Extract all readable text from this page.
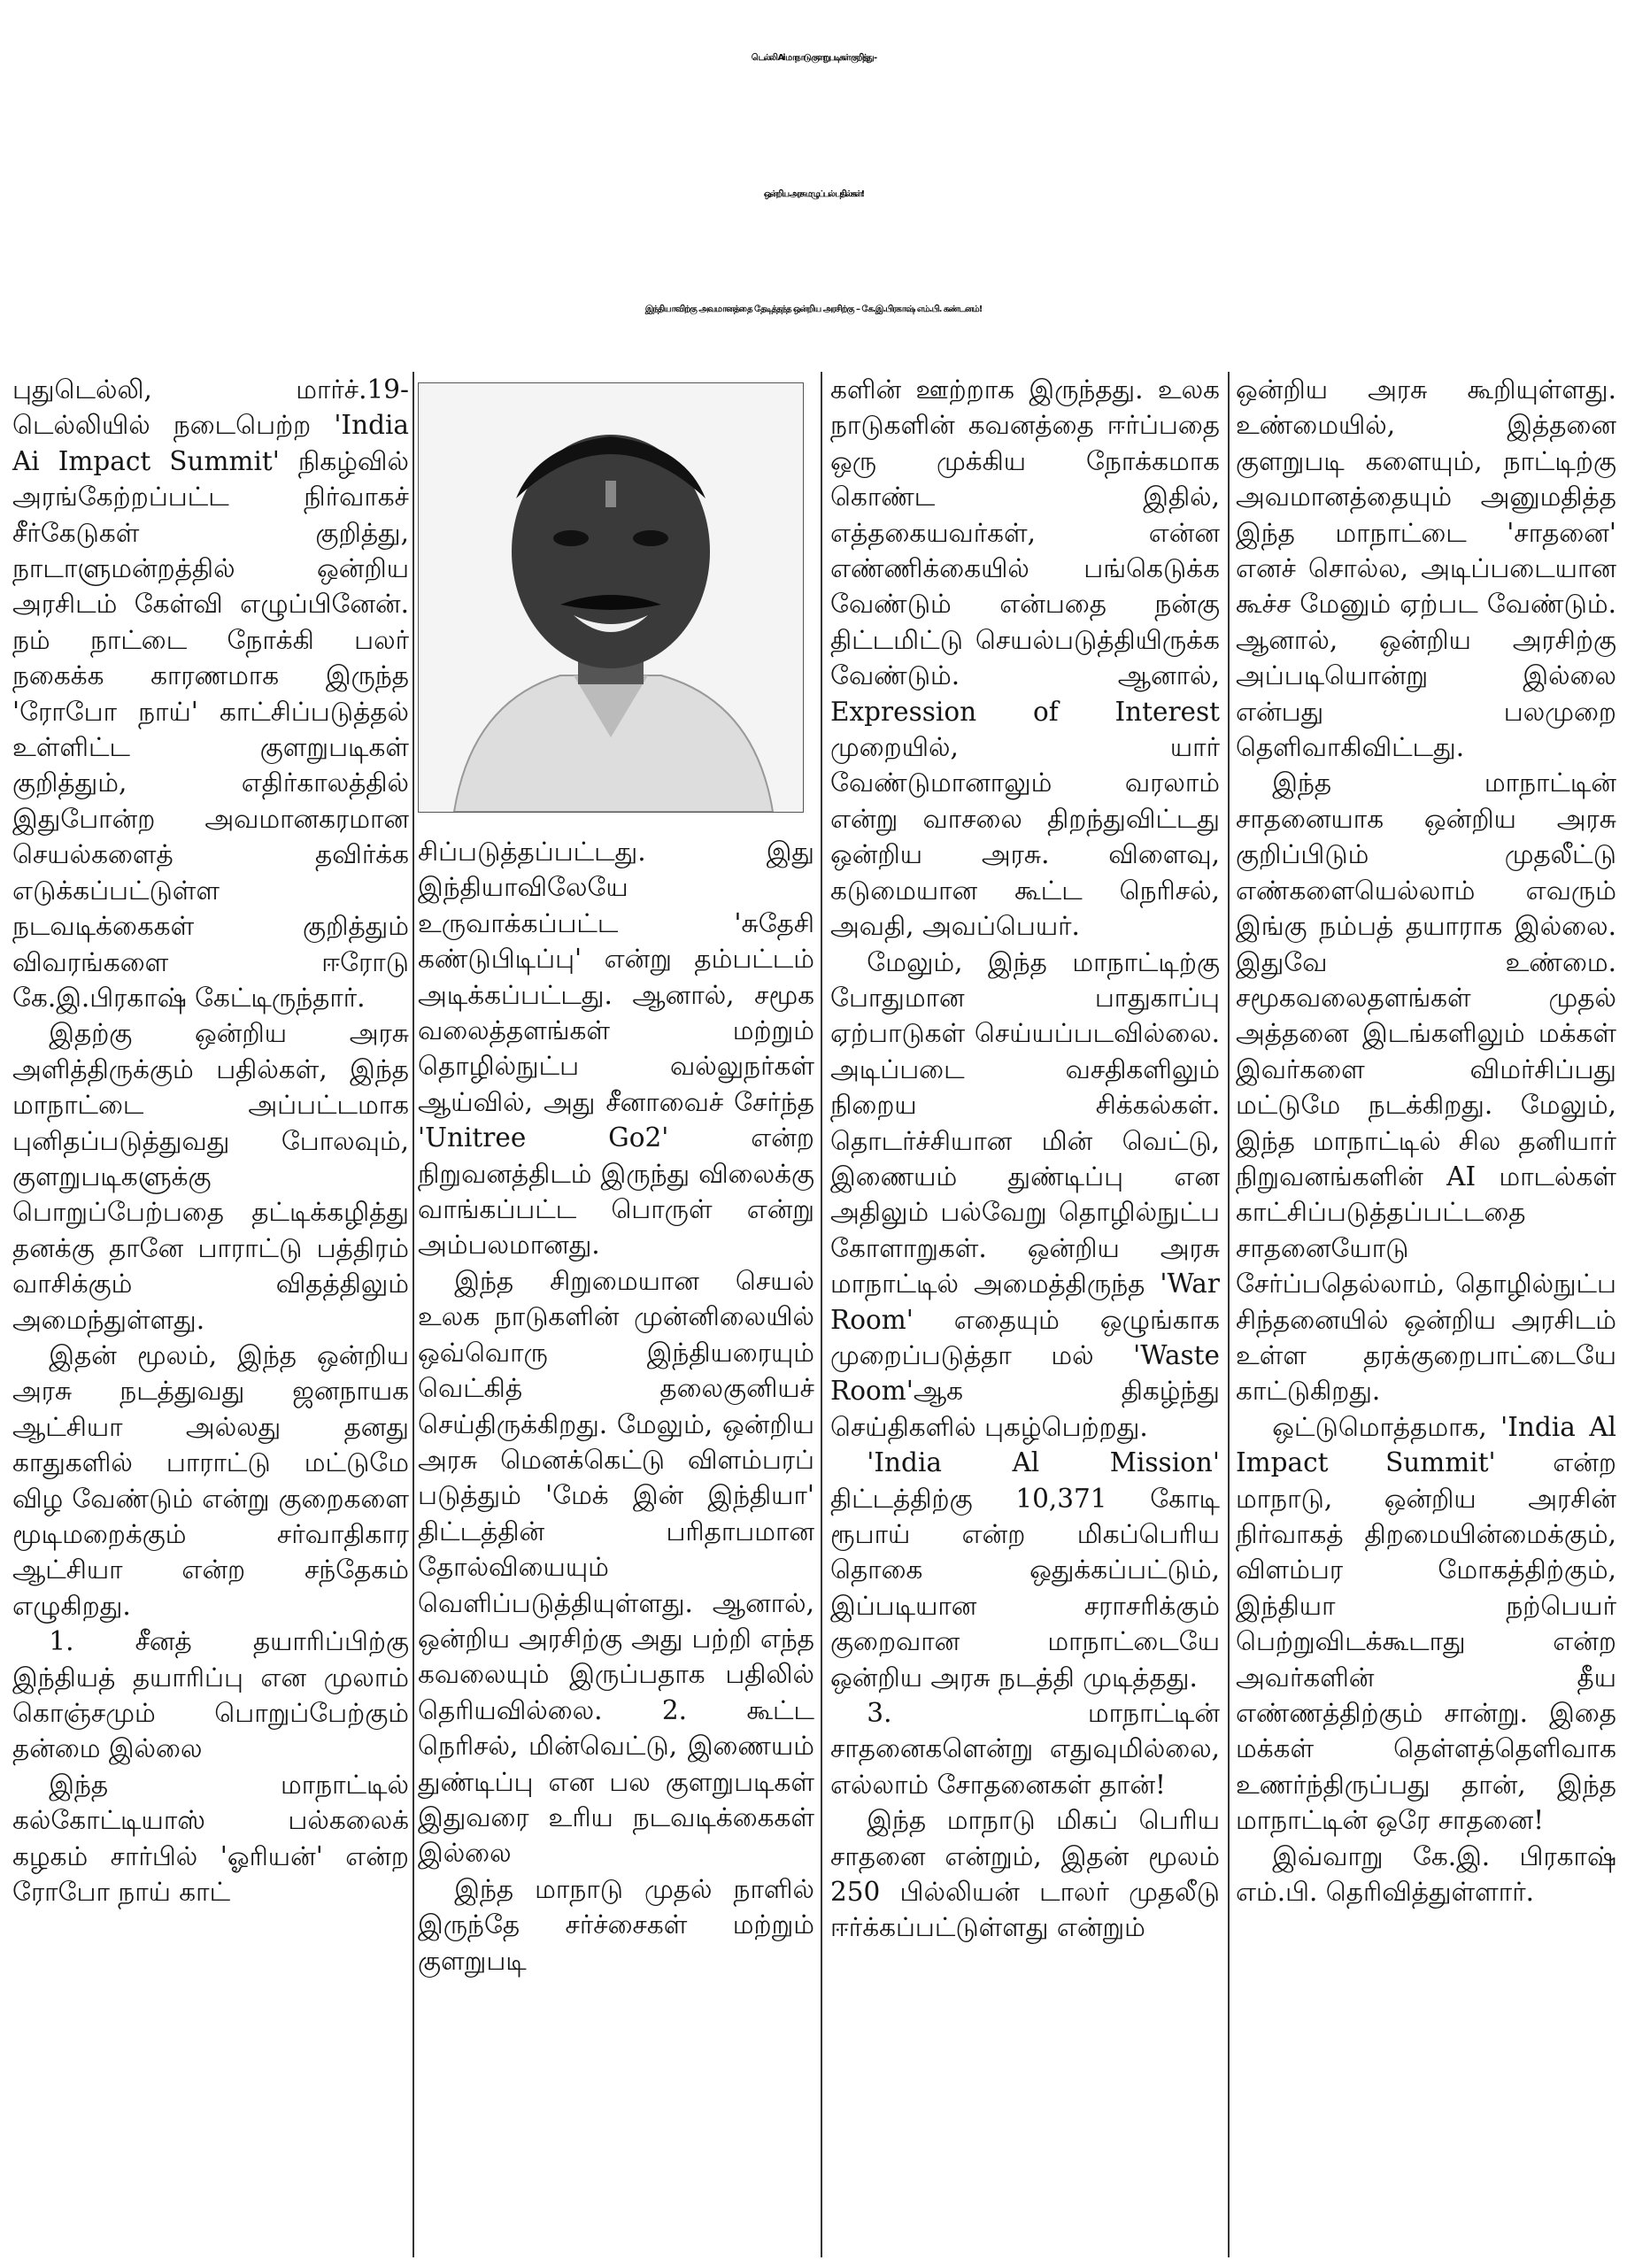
டெல்லி Ai மாநாடு குளறுபடிகள் குறித்து -
ஒன்றிய அரசு மழுப்பல் பதில்கள்!
இந்தியாவிற்கு அவமானத்தை தேடித்தந்த ஒன்றிய அரசிற்கு – கே.இ.பிரகாஷ் எம்.பி. கண்டனம்!

புதுடெல்லி, மார்ச்.19- டெல்லியில் நடைபெற்ற 'India Ai Impact Summit' நிகழ்வில் அரங்கேற்றப்பட்ட நிர்வாகச் சீர்கேடுகள் குறித்து, நாடாளுமன்றத்தில் ஒன்றிய அரசிடம் கேள்வி எழுப்பினேன். நம் நாட்டை நோக்கி பலர் நகைக்க காரணமாக இருந்த 'ரோபோ நாய்' காட்சிப்படுத்தல் உள்ளிட்ட குளறுபடிகள் குறித்தும், எதிர்காலத்தில் இதுபோன்ற அவமானகரமான செயல்களைத் தவிர்க்க எடுக்கப்பட்டுள்ள நடவடிக்கைகள் குறித்தும் விவரங்களை ஈரோடு கே.இ.பிரகாஷ் கேட்டிருந்தார்.

இதற்கு ஒன்றிய அரசு அளித்திருக்கும் பதில்கள், இந்த மாநாட்டை அப்பட்டமாக புனிதப்படுத்துவது போலவும், குளறுபடிகளுக்கு பொறுப்பேற்பதை தட்டிக்கழித்து தனக்கு தானே பாராட்டு பத்திரம் வாசிக்கும் விதத்திலும் அமைந்துள்ளது.

இதன் மூலம், இந்த ஒன்றிய அரசு நடத்துவது ஜனநாயக ஆட்சியா அல்லது தனது காதுகளில் பாராட்டு மட்டுமே விழ வேண்டும் என்று குறைகளை மூடிமறைக்கும் சர்வாதிகார ஆட்சியா என்ற சந்தேகம் எழுகிறது.

1. சீனத் தயாரிப்பிற்கு இந்தியத் தயாரிப்பு என முலாம் கொஞ்சமும் பொறுப்பேற்கும் தன்மை இல்லை

இந்த மாநாட்டில் கல்கோட்டியாஸ் பல்கலைக் கழகம் சார்பில் 'ஓரியன்' என்ற ரோபோ நாய் காட்

சிப்படுத்தப்பட்டது. இது இந்தியாவிலேயே உருவாக்கப்பட்ட 'சுதேசி கண்டுபிடிப்பு' என்று தம்பட்டம் அடிக்கப்பட்டது. ஆனால், சமூக வலைத்தளங்கள் மற்றும் தொழில்நுட்ப வல்லுநர்கள் ஆய்வில், அது சீனாவைச் சேர்ந்த 'Unitree Go2' என்ற நிறுவனத்திடம் இருந்து விலைக்கு வாங்கப்பட்ட பொருள் என்று அம்பலமானது.

இந்த சிறுமையான செயல் உலக நாடுகளின் முன்னிலையில் ஒவ்வொரு இந்தியரையும் வெட்கித் தலைகுனியச் செய்திருக்கிறது. மேலும், ஒன்றிய அரசு மெனக்கெட்டு விளம்பரப் படுத்தும் 'மேக் இன் இந்தியா' திட்டத்தின் பரிதாபமான தோல்வியையும் வெளிப்படுத்தியுள்ளது. ஆனால், ஒன்றிய அரசிற்கு அது பற்றி எந்த கவலையும் இருப்பதாக பதிலில் தெரியவில்லை. 2. கூட்ட நெரிசல், மின்வெட்டு, இணையம் துண்டிப்பு என பல குளறுபடிகள் இதுவரை உரிய நடவடிக்கைகள் இல்லை

இந்த மாநாடு முதல் நாளில் இருந்தே சர்ச்சைகள் மற்றும் குளறுபடி

களின் ஊற்றாக இருந்தது. உலக நாடுகளின் கவனத்தை ஈர்ப்பதை ஒரு முக்கிய நோக்கமாக கொண்ட இதில், எத்தகையவர்கள், என்ன எண்ணிக்கையில் பங்கெடுக்க வேண்டும் என்பதை நன்கு திட்டமிட்டு செயல்படுத்தியிருக்க வேண்டும். ஆனால், Expression of Interest முறையில், யார் வேண்டுமானாலும் வரலாம் என்று வாசலை திறந்துவிட்டது ஒன்றிய அரசு. விளைவு, கடுமையான கூட்ட நெரிசல், அவதி, அவப்பெயர்.

மேலும், இந்த மாநாட்டிற்கு போதுமான பாதுகாப்பு ஏற்பாடுகள் செய்யப்படவில்லை. அடிப்படை வசதிகளிலும் நிறைய சிக்கல்கள். தொடர்ச்சியான மின் வெட்டு, இணையம் துண்டிப்பு என அதிலும் பல்வேறு தொழில்நுட்ப கோளாறுகள். ஒன்றிய அரசு மாநாட்டில் அமைத்திருந்த 'War Room' எதையும் ஒழுங்காக முறைப்படுத்தா மல் 'Waste Room'ஆக திகழ்ந்து செய்திகளில் புகழ்பெற்றது.

'India Al Mission' திட்டத்திற்கு 10,371 கோடி ரூபாய் என்ற மிகப்பெரிய தொகை ஒதுக்கப்பட்டும், இப்படியான சராசரிக்கும் குறைவான மாநாட்டையே ஒன்றிய அரசு நடத்தி முடித்தது.

3. மாநாட்டின் சாதனைகளென்று எதுவுமில்லை, எல்லாம் சோதனைகள் தான்!

இந்த மாநாடு மிகப் பெரிய சாதனை என்றும், இதன் மூலம் 250 பில்லியன் டாலர் முதலீடு ஈர்க்கப்பட்டுள்ளது என்றும்

ஒன்றிய அரசு கூறியுள்ளது. உண்மையில், இத்தனை குளறுபடி களையும், நாட்டிற்கு அவமானத்தையும் அனுமதித்த இந்த மாநாட்டை 'சாதனை' எனச் சொல்ல, அடிப்படையான கூச்ச மேனும் ஏற்பட வேண்டும். ஆனால், ஒன்றிய அரசிற்கு அப்படியொன்று இல்லை என்பது பலமுறை தெளிவாகிவிட்டது.

இந்த மாநாட்டின் சாதனையாக ஒன்றிய அரசு குறிப்பிடும் முதலீட்டு எண்களையெல்லாம் எவரும் இங்கு நம்பத் தயாராக இல்லை. இதுவே உண்மை. சமூகவலைதளங்கள் முதல் அத்தனை இடங்களிலும் மக்கள் இவர்களை விமர்சிப்பது மட்டுமே நடக்கிறது. மேலும், இந்த மாநாட்டில் சில தனியார் நிறுவனங்களின் AI மாடல்கள் காட்சிப்படுத்தப்பட்டதை சாதனையோடு சேர்ப்பதெல்லாம், தொழில்நுட்ப சிந்தனையில் ஒன்றிய அரசிடம் உள்ள தரக்குறைபாட்டையே காட்டுகிறது.

ஒட்டுமொத்தமாக, 'India Al Impact Summit' என்ற மாநாடு, ஒன்றிய அரசின் நிர்வாகத் திறமையின்மைக்கும், விளம்பர மோகத்திற்கும், இந்தியா நற்பெயர் பெற்றுவிடக்கூடாது என்ற அவர்களின் தீய எண்ணத்திற்கும் சான்று. இதை மக்கள் தெள்ளத்தெளிவாக உணர்ந்திருப்பது தான், இந்த மாநாட்டின் ஒரே சாதனை!

இவ்வாறு கே.இ. பிரகாஷ் எம்.பி. தெரிவித்துள்ளார்.
